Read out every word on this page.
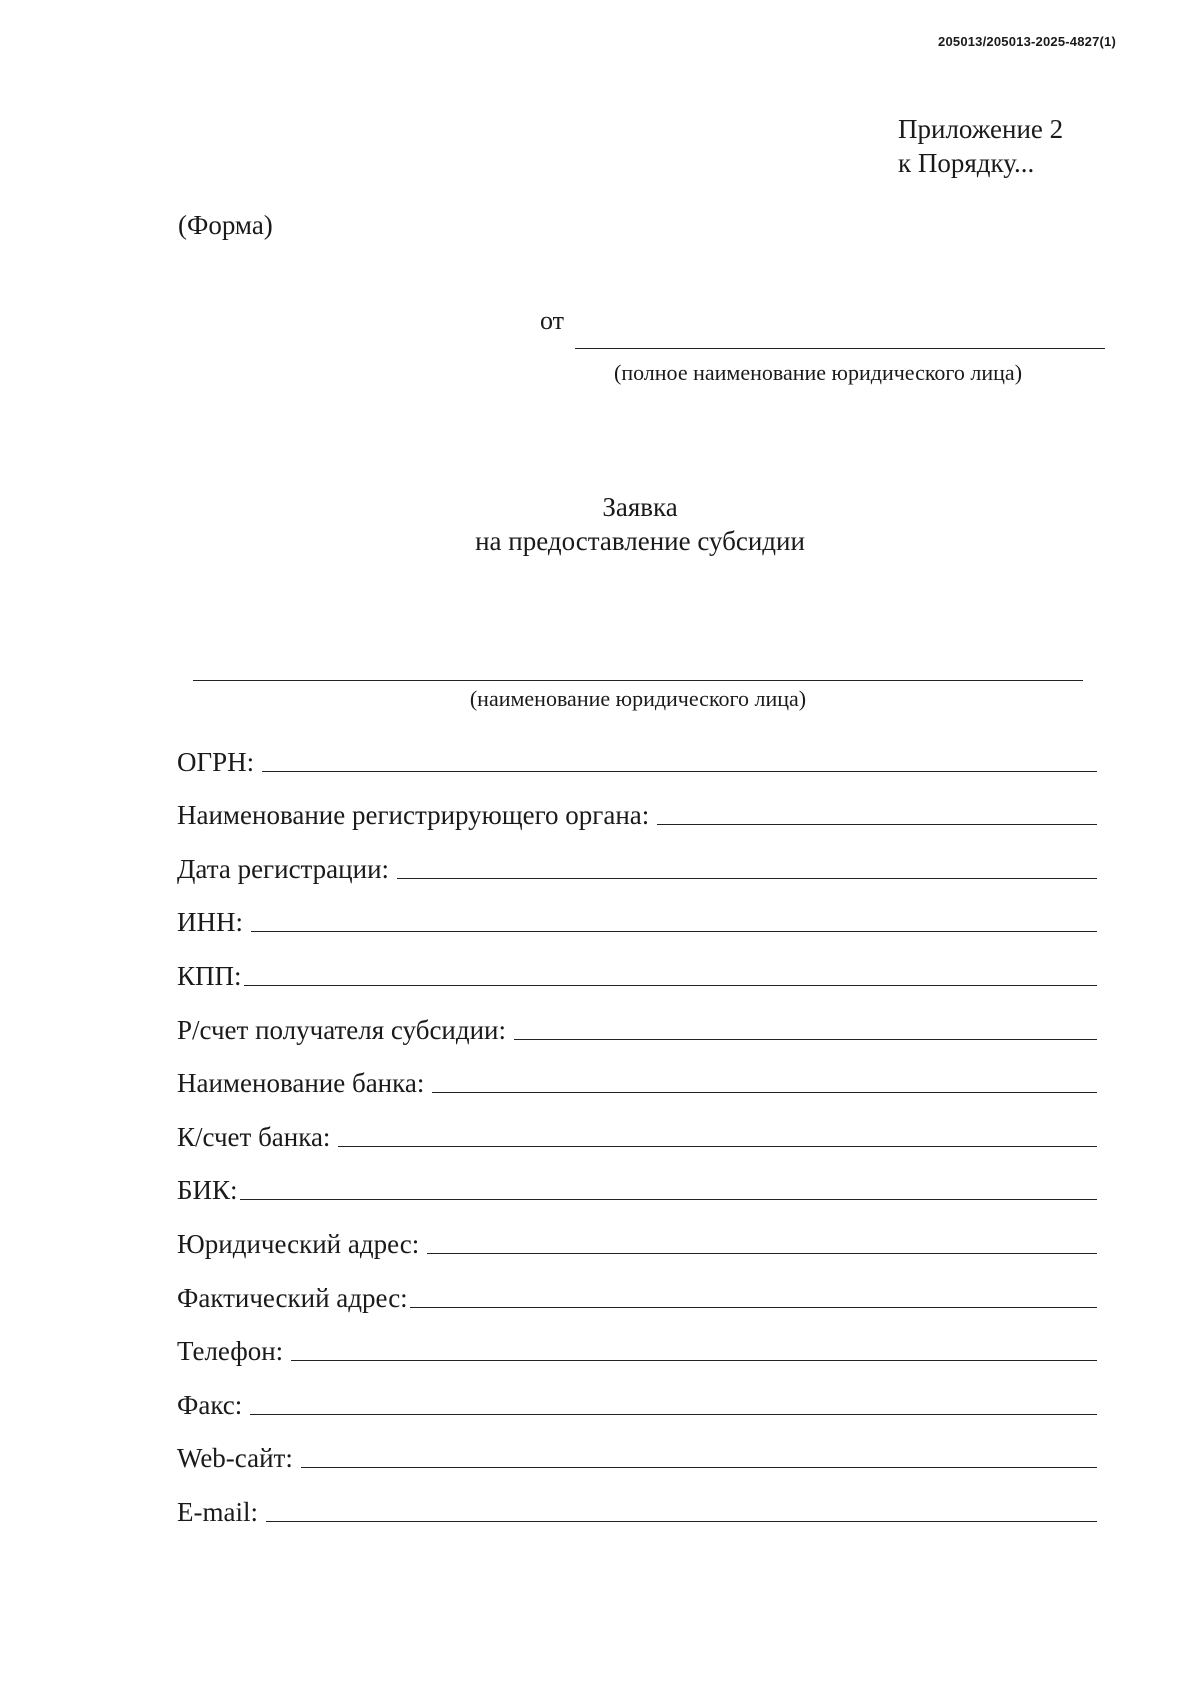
205013/205013-2025-4827(1)
Приложение 2
к Порядку...
(Форма)
от
(полное наименование юридического лица)
Заявка
на предоставление субсидии
(наименование юридического лица)
ОГРН:
Наименование регистрирующего органа:
Дата регистрации:
ИНН:
КПП:
Р/счет получателя субсидии:
Наименование банка:
К/счет банка:
БИК:
Юридический адрес:
Фактический адрес:
Телефон:
Факс:
Web-сайт:
E-mail:
